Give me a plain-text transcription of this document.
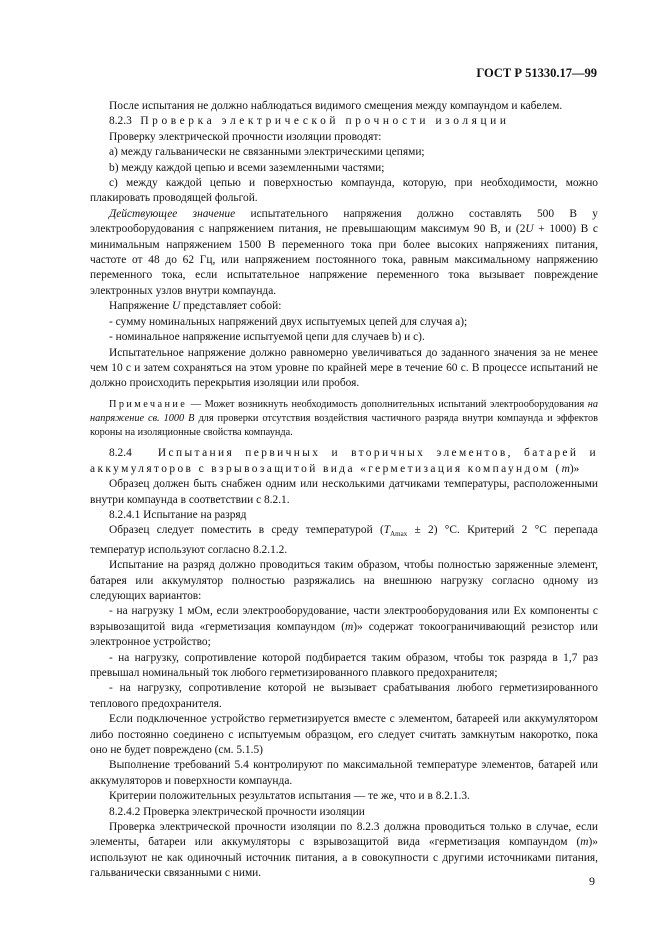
ГОСТ Р 51330.17—99

После испытания не должно наблюдаться видимого смещения между компаундом и кабелем.

8.2.3 Проверка электрической прочности изоляции

Проверку электрической прочности изоляции проводят:

а) между гальванически не связанными электрическими цепями;

b) между каждой цепью и всеми заземленными частями;

с) между каждой цепью и поверхностью компаунда, которую, при необходимости, можно плакировать проводящей фольгой.

Действующее значение испытательного напряжения должно составлять 500 В у электрооборудования с напряжением питания, не превышающим максимум 90 В, и (2U + 1000) В с минимальным напряжением 1500 В переменного тока при более высоких напряжениях питания, частоте от 48 до 62 Гц, или напряжением постоянного тока, равным максимальному напряжению переменного тока, если испытательное напряжение переменного тока вызывает повреждение электронных узлов внутри компаунда.

Напряжение U представляет собой:

- сумму номинальных напряжений двух испытуемых цепей для случая а);

- номинальное напряжение испытуемой цепи для случаев b) и с).

Испытательное напряжение должно равномерно увеличиваться до заданного значения за не менее чем 10 с и затем сохраняться на этом уровне по крайней мере в течение 60 с. В процессе испытаний не должно происходить перекрытия изоляции или пробоя.

Примечание — Может возникнуть необходимость дополнительных испытаний электрооборудования на напряжение св. 1000 В для проверки отсутствия воздействия частичного разряда внутри компаунда и эффектов короны на изоляционные свойства компаунда.

8.2.4 Испытания первичных и вторичных элементов, батарей и аккумуляторов с взрывозащитой вида «герметизация компаундом (m)»

Образец должен быть снабжен одним или несколькими датчиками температуры, расположенными внутри компаунда в соответствии с 8.2.1.

8.2.4.1 Испытание на разряд

Образец следует поместить в среду температурой $(T_{Amax} \pm 2)$ °С. Критерий 2 °С перепада температур используют согласно 8.2.1.2.

Испытание на разряд должно проводиться таким образом, чтобы полностью заряженные элемент, батарея или аккумулятор полностью разряжались на внешнюю нагрузку согласно одному из следующих вариантов:

- на нагрузку 1 мОм, если электрооборудование, части электрооборудования или Ex компоненты с взрывозащитой вида «герметизация компаундом (m)» содержат токоограничивающий резистор или электронное устройство;

- на нагрузку, сопротивление которой подбирается таким образом, чтобы ток разряда в 1,7 раз превышал номинальный ток любого герметизированного плавкого предохранителя;

- на нагрузку, сопротивление которой не вызывает срабатывания любого герметизированного теплового предохранителя.

Если подключенное устройство герметизируется вместе с элементом, батареей или аккумулятором либо постоянно соединено с испытуемым образцом, его следует считать замкнутым накоротко, пока оно не будет повреждено (см. 5.1.5)

Выполнение требований 5.4 контролируют по максимальной температуре элементов, батарей или аккумуляторов и поверхности компаунда.

Критерии положительных результатов испытания — те же, что и в 8.2.1.3.

8.2.4.2 Проверка электрической прочности изоляции

Проверка электрической прочности изоляции по 8.2.3 должна проводиться только в случае, если элементы, батареи или аккумуляторы с взрывозащитой вида «герметизация компаундом (m)» используют не как одиночный источник питания, а в совокупности с другими источниками питания, гальванически связанными с ними.

9
